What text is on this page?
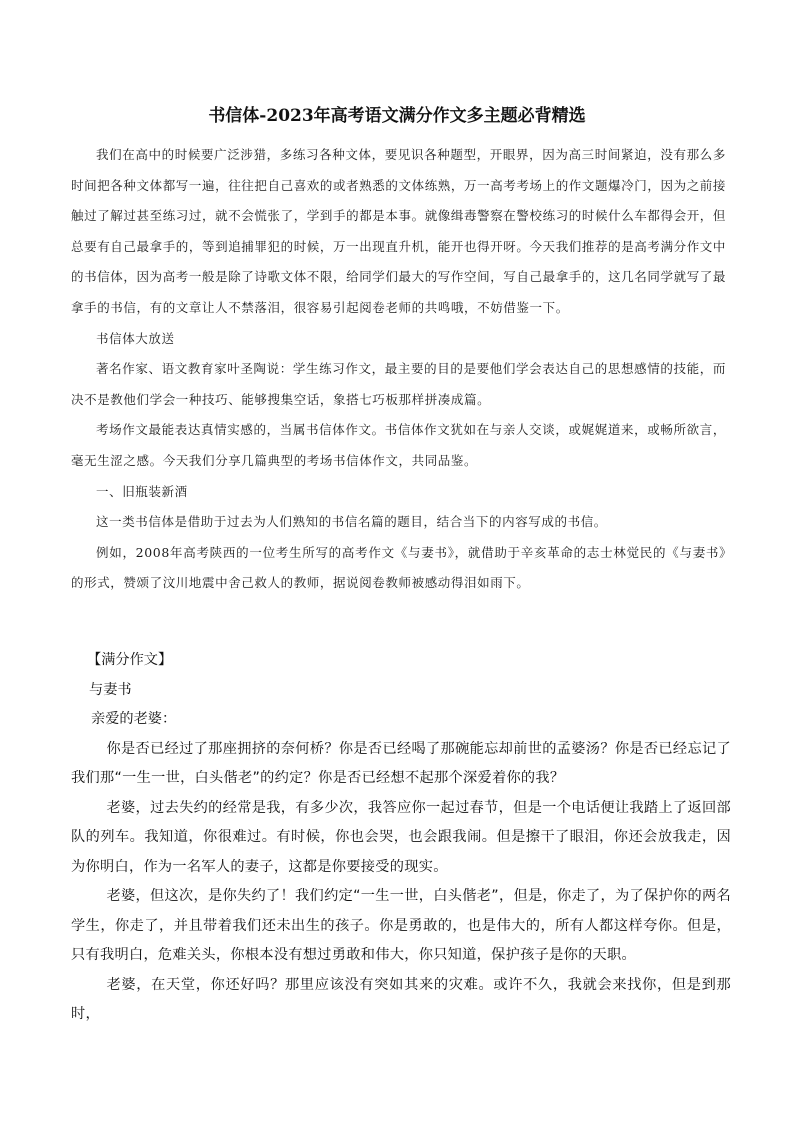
书信体-2023年高考语文满分作文多主题必背精选

我们在高中的时候要广泛涉猎，多练习各种文体，要见识各种题型，开眼界，因为高三时间紧迫，没有那么多时间把各种文体都写一遍，往往把自己喜欢的或者熟悉的文体练熟，万一高考考场上的作文题爆冷门，因为之前接触过了解过甚至练习过，就不会慌张了，学到手的都是本事。就像缉毒警察在警校练习的时候什么车都得会开，但总要有自己最拿手的，等到追捕罪犯的时候，万一出现直升机，能开也得开呀。今天我们推荐的是高考满分作文中的书信体，因为高考一般是除了诗歌文体不限，给同学们最大的写作空间，写自己最拿手的，这几名同学就写了最拿手的书信，有的文章让人不禁落泪，很容易引起阅卷老师的共鸣哦，不妨借鉴一下。

书信体大放送

著名作家、语文教育家叶圣陶说：学生练习作文，最主要的目的是要他们学会表达自己的思想感情的技能，而决不是教他们学会一种技巧、能够搜集空话，象搭七巧板那样拼凑成篇。

考场作文最能表达真情实感的，当属书信体作文。书信体作文犹如在与亲人交谈，或娓娓道来，或畅所欲言，毫无生涩之感。今天我们分享几篇典型的考场书信体作文，共同品鉴。

一、旧瓶装新酒

这一类书信体是借助于过去为人们熟知的书信名篇的题目，结合当下的内容写成的书信。

例如，2008年高考陕西的一位考生所写的高考作文《与妻书》，就借助于辛亥革命的志士林觉民的《与妻书》的形式，赞颂了汶川地震中舍己救人的教师，据说阅卷教师被感动得泪如雨下。

【满分作文】
与妻书
亲爱的老婆：

你是否已经过了那座拥挤的奈何桥？你是否已经喝了那碗能忘却前世的孟婆汤？你是否已经忘记了我们那“一生一世，白头偕老”的约定？你是否已经想不起那个深爱着你的我？

老婆，过去失约的经常是我，有多少次，我答应你一起过春节，但是一个电话便让我踏上了返回部队的列车。我知道，你很难过。有时候，你也会哭，也会跟我闹。但是擦干了眼泪，你还会放我走，因为你明白，作为一名军人的妻子，这都是你要接受的现实。

老婆，但这次，是你失约了！我们约定“一生一世，白头偕老”，但是，你走了，为了保护你的两名学生，你走了，并且带着我们还未出生的孩子。你是勇敢的，也是伟大的，所有人都这样夸你。但是，只有我明白，危难关头，你根本没有想过勇敢和伟大，你只知道，保护孩子是你的天职。

老婆，在天堂，你还好吗？那里应该没有突如其来的灾难。或许不久，我就会来找你，但是到那时，
